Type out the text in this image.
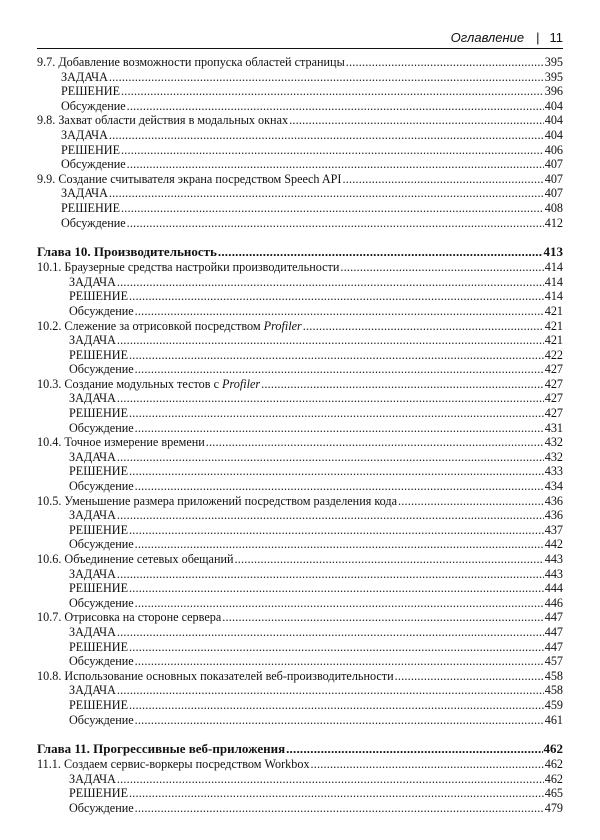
Оглавление | 11
9.7. Добавление возможности пропуска областей страницы .....	395
ЗАДАЧА .....	395
РЕШЕНИЕ .....	396
Обсуждение .....	404
9.8. Захват области действия в модальных окнах .....	404
ЗАДАЧА .....	404
РЕШЕНИЕ .....	406
Обсуждение .....	407
9.9. Создание считывателя экрана посредством Speech API .....	407
ЗАДАЧА .....	407
РЕШЕНИЕ .....	408
Обсуждение .....	412
Глава 10. Производительность .....	413
10.1. Браузерные средства настройки производительности .....	414
ЗАДАЧА .....	414
РЕШЕНИЕ .....	414
Обсуждение .....	421
10.2. Слежение за отрисовкой посредством Profiler .....	421
ЗАДАЧА .....	421
РЕШЕНИЕ .....	422
Обсуждение .....	427
10.3. Создание модульных тестов с Profiler .....	427
ЗАДАЧА .....	427
РЕШЕНИЕ .....	427
Обсуждение .....	431
10.4. Точное измерение времени .....	432
ЗАДАЧА .....	432
РЕШЕНИЕ .....	433
Обсуждение .....	434
10.5. Уменьшение размера приложений посредством разделения кода .....	436
ЗАДАЧА .....	436
РЕШЕНИЕ .....	437
Обсуждение .....	442
10.6. Объединение сетевых обещаний .....	443
ЗАДАЧА .....	443
РЕШЕНИЕ .....	444
Обсуждение .....	446
10.7. Отрисовка на стороне сервера .....	447
ЗАДАЧА .....	447
РЕШЕНИЕ .....	447
Обсуждение .....	457
10.8. Использование основных показателей веб-производительности .....	458
ЗАДАЧА .....	458
РЕШЕНИЕ .....	459
Обсуждение .....	461
Глава 11. Прогрессивные веб-приложения .....	462
11.1. Создаем сервис-воркеры посредством Workbox .....	462
ЗАДАЧА .....	462
РЕШЕНИЕ .....	465
Обсуждение .....	479
